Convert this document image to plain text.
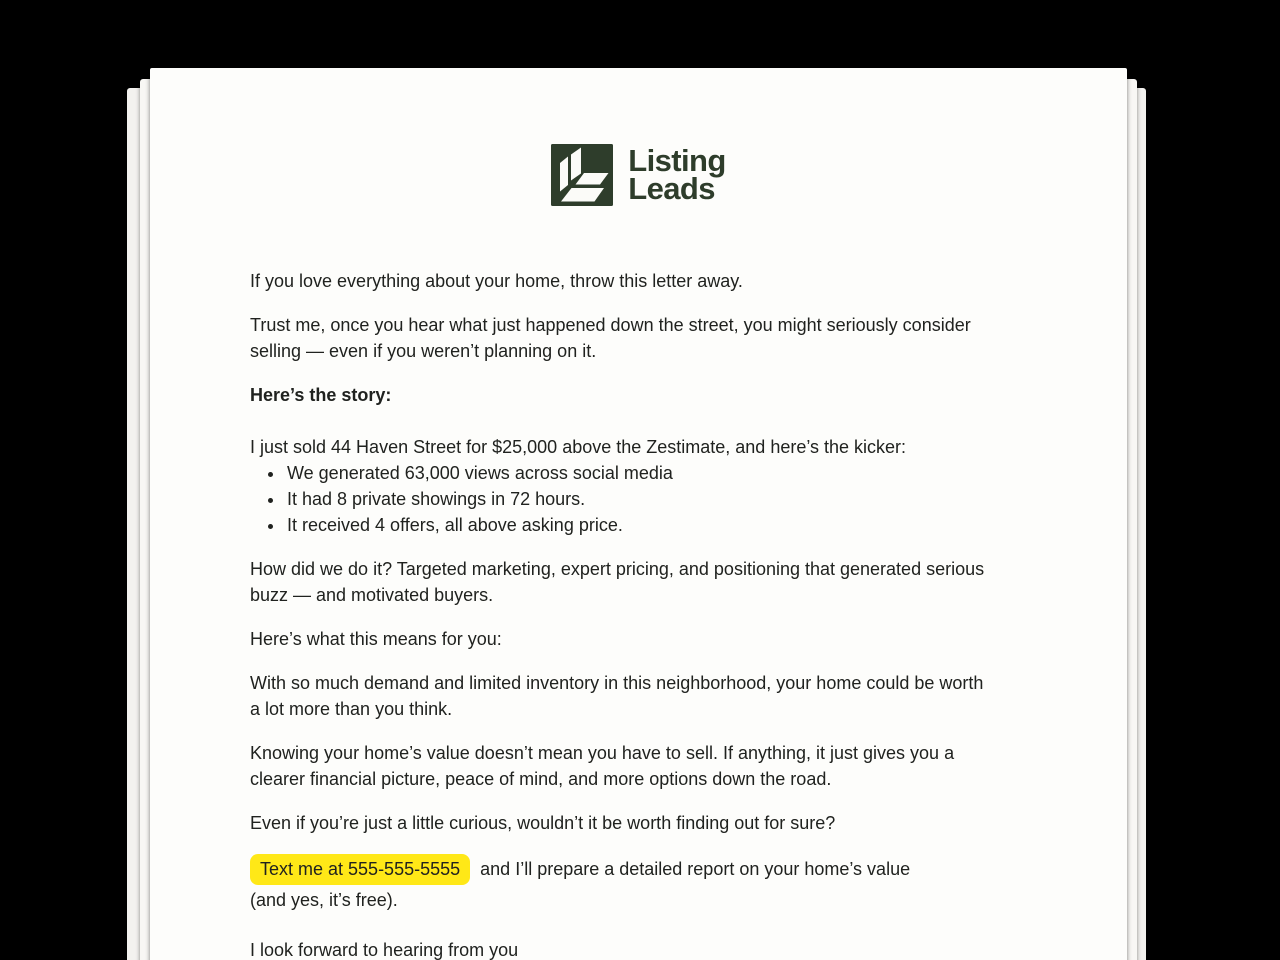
Listing
Leads

If you love everything about your home, throw this letter away.

Trust me, once you hear what just happened down the street, you might seriously consider selling — even if you weren’t planning on it.

Here’s the story:

I just sold 44 Haven Street for $25,000 above the Zestimate, and here’s the kicker:

• We generated 63,000 views across social media
• It had 8 private showings in 72 hours.
• It received 4 offers, all above asking price.

How did we do it? Targeted marketing, expert pricing, and positioning that generated serious buzz — and motivated buyers.

Here’s what this means for you:

With so much demand and limited inventory in this neighborhood, your home could be worth a lot more than you think.

Knowing your home’s value doesn’t mean you have to sell. If anything, it just gives you a clearer financial picture, peace of mind, and more options down the road.

Even if you’re just a little curious, wouldn’t it be worth finding out for sure?

Text me at 555-555-5555 and I’ll prepare a detailed report on your home’s value
(and yes, it’s free).

I look forward to hearing from you
